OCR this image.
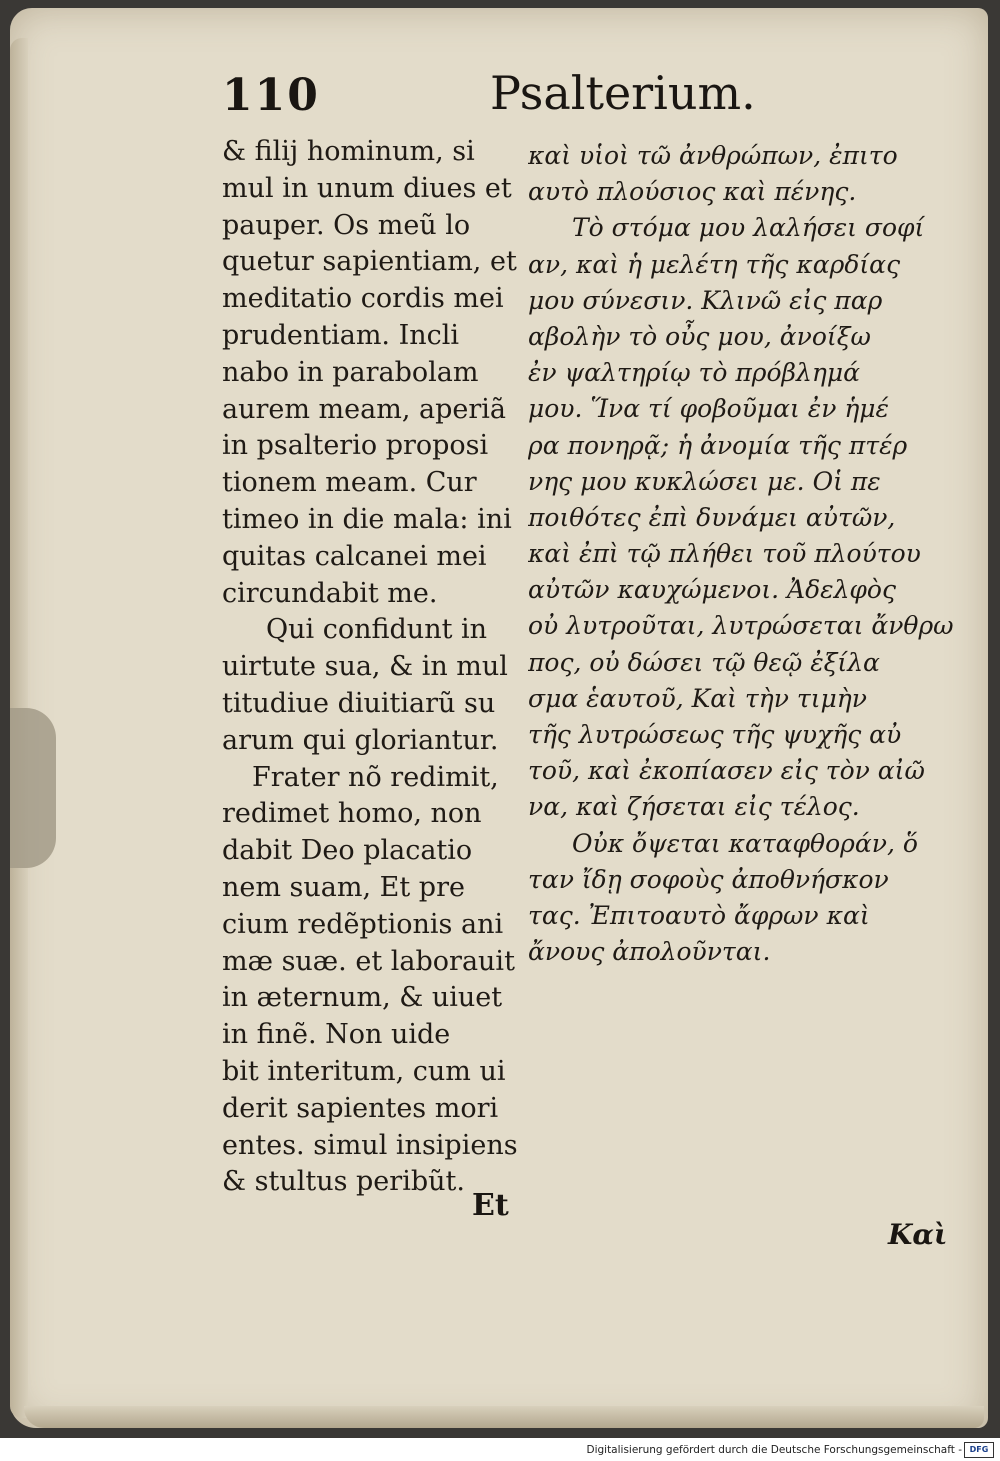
110	Psalterium.
& filij hominum, si
mul in unum diues et
pauper. Os meũ lo
quetur sapientiam, et
meditatio cordis mei
prudentiam. Incli
nabo in parabolam
aurem meam, aperiã
in psalterio proposi
tionem meam. Cur
timeo in die mala: ini
quitas calcanei mei
circundabit me.
Qui confidunt in
uirtute sua, & in mul
titudiue diuitiarũ su
arum qui gloriantur.
Frater nõ redimit,
redimet homo, non
dabit Deo placatio
nem suam, Et pre
cium redẽptionis ani
mæ suæ. et laborauit
in æternum, & uiuet
in finẽ. Non uide
bit interitum, cum ui
derit sapientes mori
entes. simul insipiens
& stultus peribũt.
καὶ υἱοὶ τῶ ἀνθρώπων, ἐπιτο
αυτὸ πλούσιος καὶ πένης.
Τὸ στόμα μου λαλήσει σοφί
αν, καὶ ἡ μελέτη τῆς καρδίας
μου σύνεσιν. Κλινῶ εἰς παρ
αβολὴν τὸ οὖς μου, ἀνοίξω
ἐν ψαλτηρίῳ τὸ πρόβλημά
μου. Ἵνα τί φοβοῦμαι ἐν ἡμέ
ρα πονηρᾷ; ἡ ἀνομία τῆς πτέρ
νης μου κυκλώσει με. Οἱ πε
ποιθότες ἐπὶ δυνάμει αὐτῶν,
καὶ ἐπὶ τῷ πλήθει τοῦ πλούτου
αὐτῶν καυχώμενοι. Ἀδελφὸς
οὐ λυτροῦται, λυτρώσεται ἄνθρω
πος, οὐ δώσει τῷ θεῷ ἐξίλα
σμα ἑαυτοῦ, Καὶ τὴν τιμὴν
τῆς λυτρώσεως τῆς ψυχῆς αὐ
τοῦ, καὶ ἐκοπίασεν εἰς τὸν αἰῶ
να, καὶ ζήσεται εἰς τέλος.
Οὐκ ὄψεται καταφθοράν, ὅ
ταν ἴδῃ σοφοὺς ἀποθνήσκον
τας. Ἐπιτοαυτὸ ἄφρων καὶ
ἄνους ἀπολοῦνται.
Et
Καὶ
Digitalisierung gefördert durch die Deutsche Forschungsgemeinschaft - DFG
